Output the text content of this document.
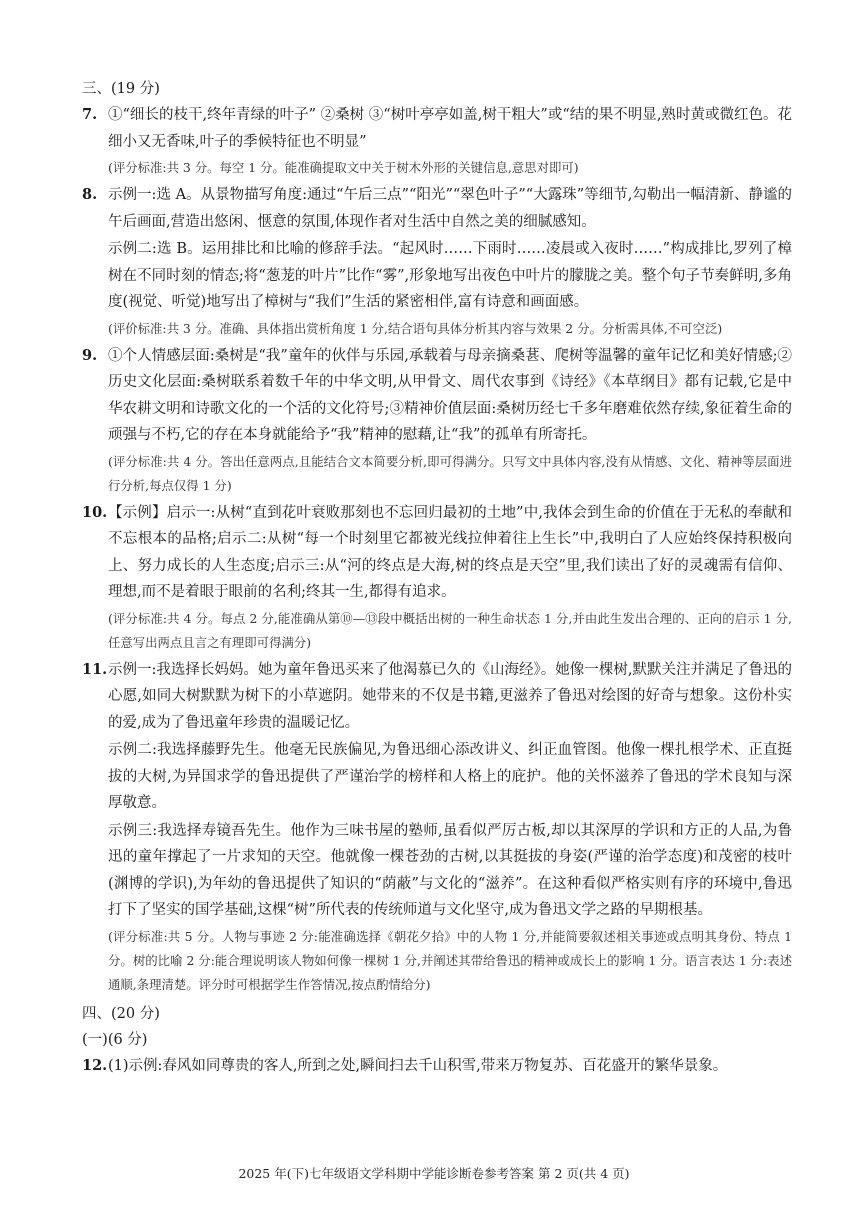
三、(19 分)
7. ①“细长的枝干,终年青绿的叶子” ②桑树 ③“树叶亭亭如盖,树干粗大”或“结的果不明显,熟时黄或微红色。花细小又无香味,叶子的季候特征也不明显”

(评分标准:共 3 分。每空 1 分。能准确提取文中关于树木外形的关键信息,意思对即可)

8. 示例一:选 A。从景物描写角度:通过“午后三点”“阳光”“翠色叶子”“大露珠”等细节,勾勒出一幅清新、静谧的午后画面,营造出悠闲、惬意的氛围,体现作者对生活中自然之美的细腻感知。

示例二:选 B。运用排比和比喻的修辞手法。“起风时……下雨时……凌晨或入夜时……”构成排比,罗列了樟树在不同时刻的情态;将“葱茏的叶片”比作“雾”,形象地写出夜色中叶片的朦胧之美。整个句子节奏鲜明,多角度(视觉、听觉)地写出了樟树与“我们”生活的紧密相伴,富有诗意和画面感。

(评价标准:共 3 分。准确、具体指出赏析角度 1 分,结合语句具体分析其内容与效果 2 分。分析需具体,不可空泛)

9. ①个人情感层面:桑树是“我”童年的伙伴与乐园,承载着与母亲摘桑葚、爬树等温馨的童年记忆和美好情感;②历史文化层面:桑树联系着数千年的中华文明,从甲骨文、周代农事到《诗经》《本草纲目》都有记载,它是中华农耕文明和诗歌文化的一个活的文化符号;③精神价值层面:桑树历经七千多年磨难依然存续,象征着生命的顽强与不朽,它的存在本身就能给予“我”精神的慰藉,让“我”的孤单有所寄托。

(评分标准:共 4 分。答出任意两点,且能结合文本简要分析,即可得满分。只写文中具体内容,没有从情感、文化、精神等层面进行分析,每点仅得 1 分)

10. 【示例】启示一:从树“直到花叶衰败那刻也不忘回归最初的土地”中,我体会到生命的价值在于无私的奉献和不忘根本的品格;启示二:从树“每一个时刻里它都被光线拉伸着往上生长”中,我明白了人应始终保持积极向上、努力成长的人生态度;启示三:从“河的终点是大海,树的终点是天空”里,我们读出了好的灵魂需有信仰、理想,而不是着眼于眼前的名利;终其一生,都得有追求。

(评分标准:共 4 分。每点 2 分,能准确从第⑩—⑬段中概括出树的一种生命状态 1 分,并由此生发出合理的、正向的启示 1 分,任意写出两点且言之有理即可得满分)

11. 示例一:我选择长妈妈。她为童年鲁迅买来了他渴慕已久的《山海经》。她像一棵树,默默关注并满足了鲁迅的心愿,如同大树默默为树下的小草遮阴。她带来的不仅是书籍,更滋养了鲁迅对绘图的好奇与想象。这份朴实的爱,成为了鲁迅童年珍贵的温暖记忆。

示例二:我选择藤野先生。他毫无民族偏见,为鲁迅细心添改讲义、纠正血管图。他像一棵扎根学术、正直挺拔的大树,为异国求学的鲁迅提供了严谨治学的榜样和人格上的庇护。他的关怀滋养了鲁迅的学术良知与深厚敬意。

示例三:我选择寿镜吾先生。他作为三味书屋的塾师,虽看似严厉古板,却以其深厚的学识和方正的人品,为鲁迅的童年撑起了一片求知的天空。他就像一棵苍劲的古树,以其挺拔的身姿(严谨的治学态度)和茂密的枝叶(渊博的学识),为年幼的鲁迅提供了知识的“荫蔽”与文化的“滋养”。在这种看似严格实则有序的环境中,鲁迅打下了坚实的国学基础,这棵“树”所代表的传统师道与文化坚守,成为鲁迅文学之路的早期根基。

(评分标准:共 5 分。人物与事迹 2 分:能准确选择《朝花夕拾》中的人物 1 分,并能简要叙述相关事迹或点明其身份、特点 1 分。树的比喻 2 分:能合理说明该人物如何像一棵树 1 分,并阐述其带给鲁迅的精神或成长上的影响 1 分。语言表达 1 分:表述通顺,条理清楚。评分时可根据学生作答情况,按点酌情给分)

四、(20 分)
(一)(6 分)
12. (1)示例:春风如同尊贵的客人,所到之处,瞬间扫去千山积雪,带来万物复苏、百花盛开的繁华景象。

2025 年(下)七年级语文学科期中学能诊断卷参考答案 第 2 页(共 4 页)
